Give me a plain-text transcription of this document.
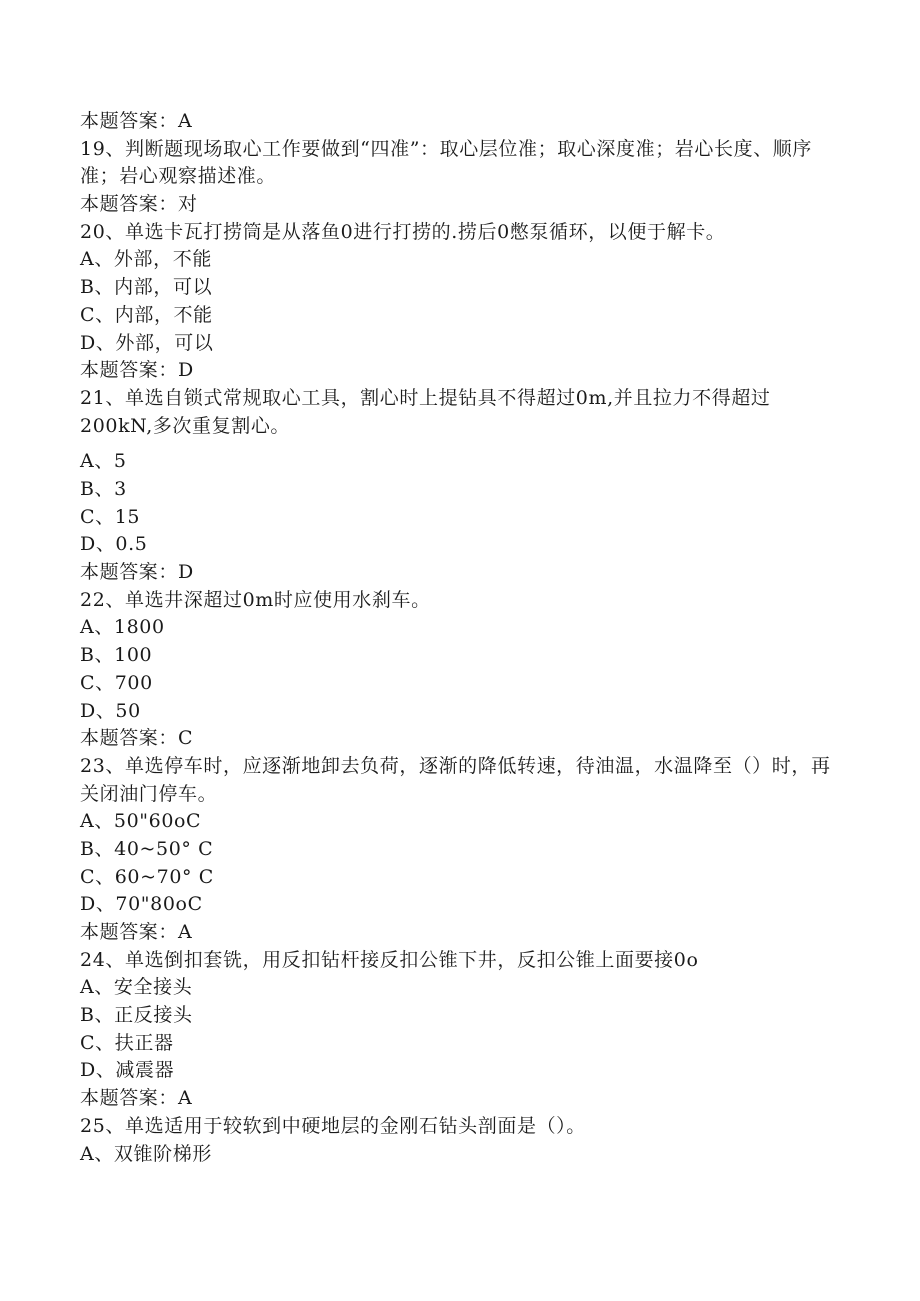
本题答案：A
19、判断题现场取心工作要做到“四准”：取心层位准；取心深度准；岩心长度、顺序准；岩心观察描述准。
本题答案：对
20、单选卡瓦打捞筒是从落鱼0进行打捞的.捞后0憋泵循环，以便于解卡。
A、外部，不能
B、内部，可以
C、内部，不能
D、外部，可以
本题答案：D
21、单选自锁式常规取心工具，割心时上提钻具不得超过0m,并且拉力不得超过200kN,多次重复割心。
A、5
B、3
C、15
D、0.5
本题答案：D
22、单选井深超过0m时应使用水刹车。
A、1800
B、100
C、700
D、50
本题答案：C
23、单选停车时，应逐渐地卸去负荷，逐渐的降低转速，待油温，水温降至（）时，再关闭油门停车。
A、50"60oC
B、40~50° C
C、60~70° C
D、70"80oC
本题答案：A
24、单选倒扣套铣，用反扣钻杆接反扣公锥下井，反扣公锥上面要接0o
A、安全接头
B、正反接头
C、扶正器
D、减震器
本题答案：A
25、单选适用于较软到中硬地层的金刚石钻头剖面是（）。
A、双锥阶梯形
